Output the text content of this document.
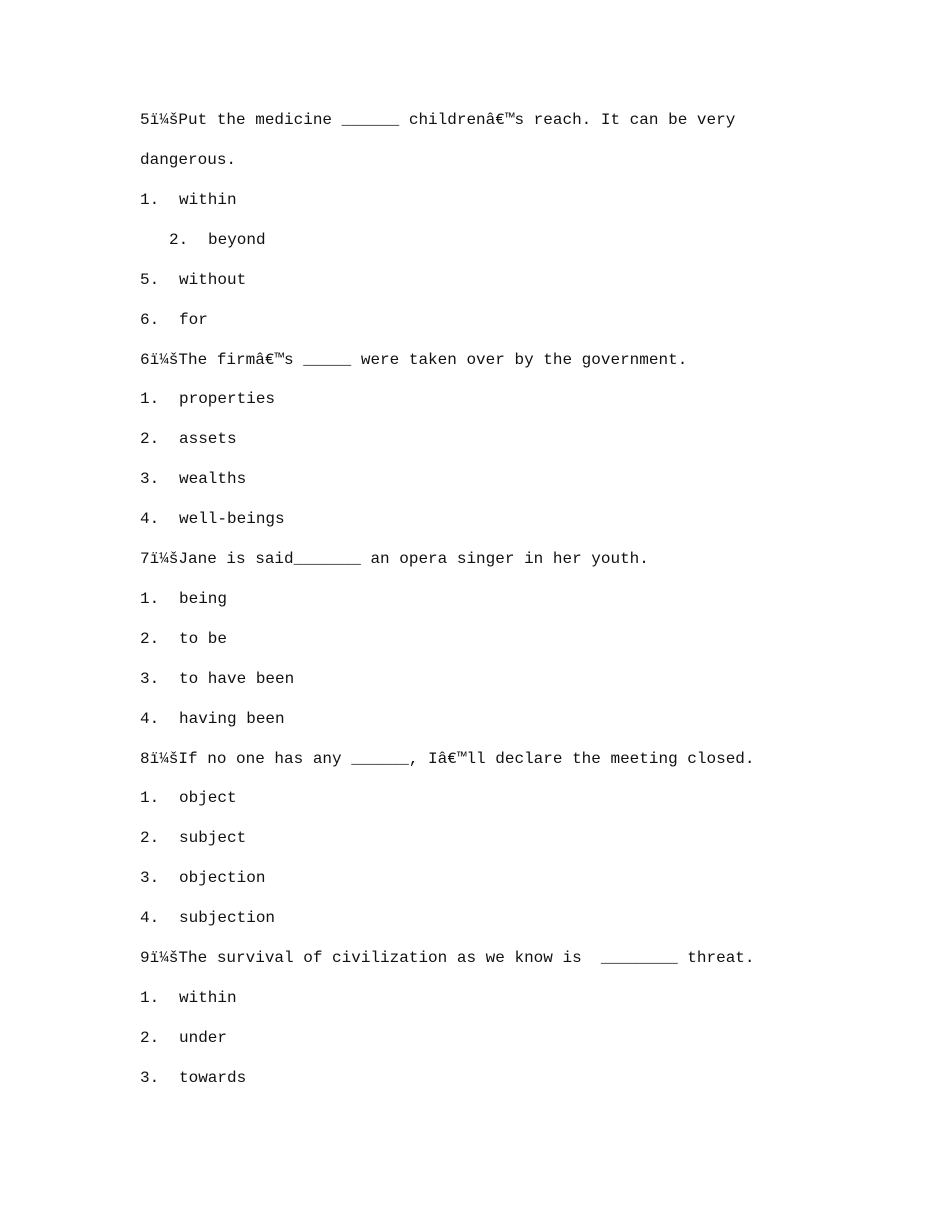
5ï¼šPut the medicine ______ childrenâ€™s reach. It can be very
dangerous.
1. within
2. beyond
5. without
6. for
6ï¼šThe firmâ€™s _____ were taken over by the government.
1. properties
2. assets
3. wealths
4. well-beings
7ï¼šJane is said_______ an opera singer in her youth.
1. being
2. to be
3. to have been
4. having been
8ï¼šIf no one has any ______, Iâ€™ll declare the meeting closed.
1. object
2. subject
3. objection
4. subjection
9ï¼šThe survival of civilization as we know is  ________ threat.
1. within
2. under
3. towards
